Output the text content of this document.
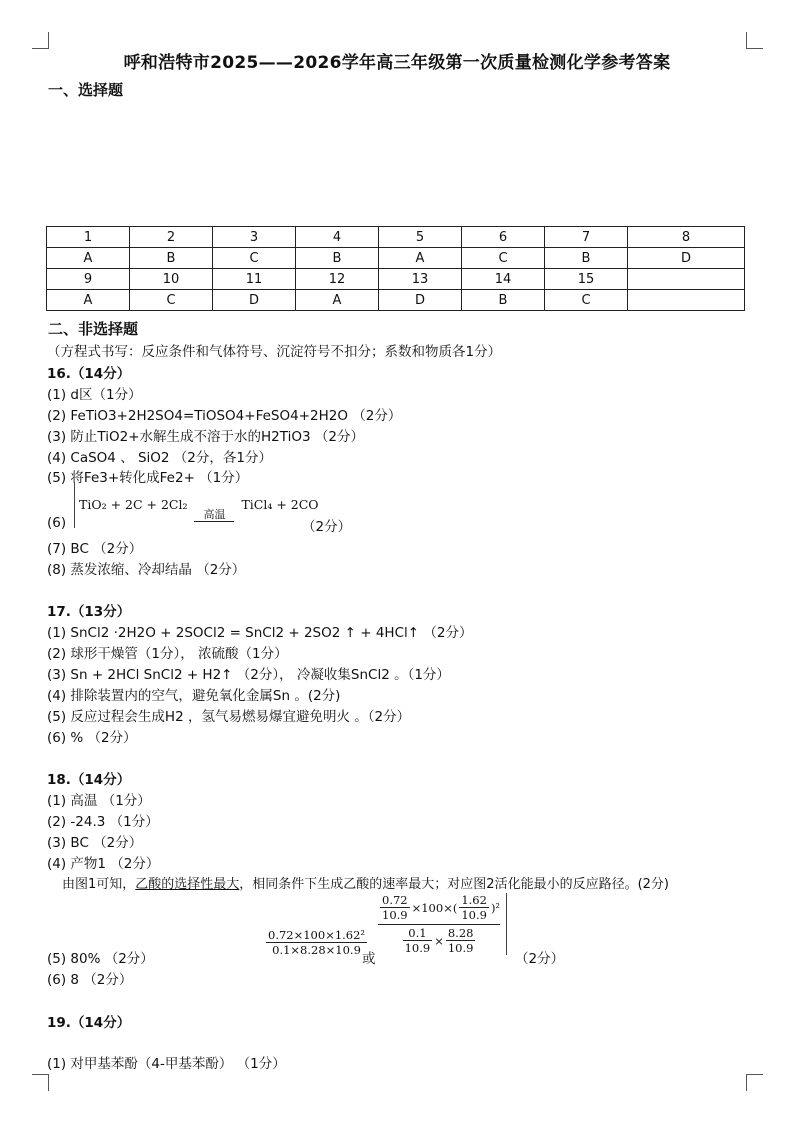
呼和浩特市2025——2026学年高三年级第一次质量检测化学参考答案
一、选择题
1	2	3	4	5	6	7	8
A	B	C	B	A	C	B	D
9	10	11	12	13	14	15	
A	C	D	A	D	B	C	
二、非选择题
（方程式书写：反应条件和气体符号、沉淀符号不扣分；系数和物质各1分）
16.（14分）
(1) d区（1分）
(2) FeTiO3+2H2SO4=TiOSO4+FeSO4+2H2O （2分）
(3) 防止TiO2+水解生成不溶于水的H2TiO3 （2分）
(4) CaSO4 、 SiO2 （2分，各1分）
(5) 将Fe3+转化成Fe2+ （1分）
(6)
TiO₂ + 2C + 2Cl₂
高温
TiCl₄ + 2CO
（2分）
(7) BC （2分）
(8) 蒸发浓缩、冷却结晶 （2分）
17.（13分）
(1) SnCl2 ·2H2O + 2SOCl2 = SnCl2 + 2SO2 ↑ + 4HCl↑ （2分）
(2) 球形干燥管（1分）， 浓硫酸（1分）
(3) Sn + 2HCl SnCl2 + H2↑ （2分）， 冷凝收集SnCl2 。（1分）
(4) 排除装置内的空气，避免氧化金属Sn 。(2分)
(5) 反应过程会生成H2 ，氢气易燃易爆宜避免明火 。（2分）
(6) % （2分）
18.（14分）
(1) 高温 （1分）
(2) -24.3 （1分）
(3) BC （2分）
(4) 产物1 （2分）
由图1可知，乙酸的选择性最大，相同条件下生成乙酸的速率最大；对应图2活化能最小的反应路径。(2分)
$\frac{0.72}{10.9} \times 100\times( \frac{1.62}{10.9} )^2$
$\frac{0.1}{10.9} \times \frac{8.28}{10.9}$
(5) 80% （2分）
$\frac{\text{0.72×100×1.62²}}{0.1\times 8.28\times 10.9}$
或	（2分）
(6) 8 （2分）
19.（14分）
(1) 对甲基苯酚（4-甲基苯酚） （1分）
